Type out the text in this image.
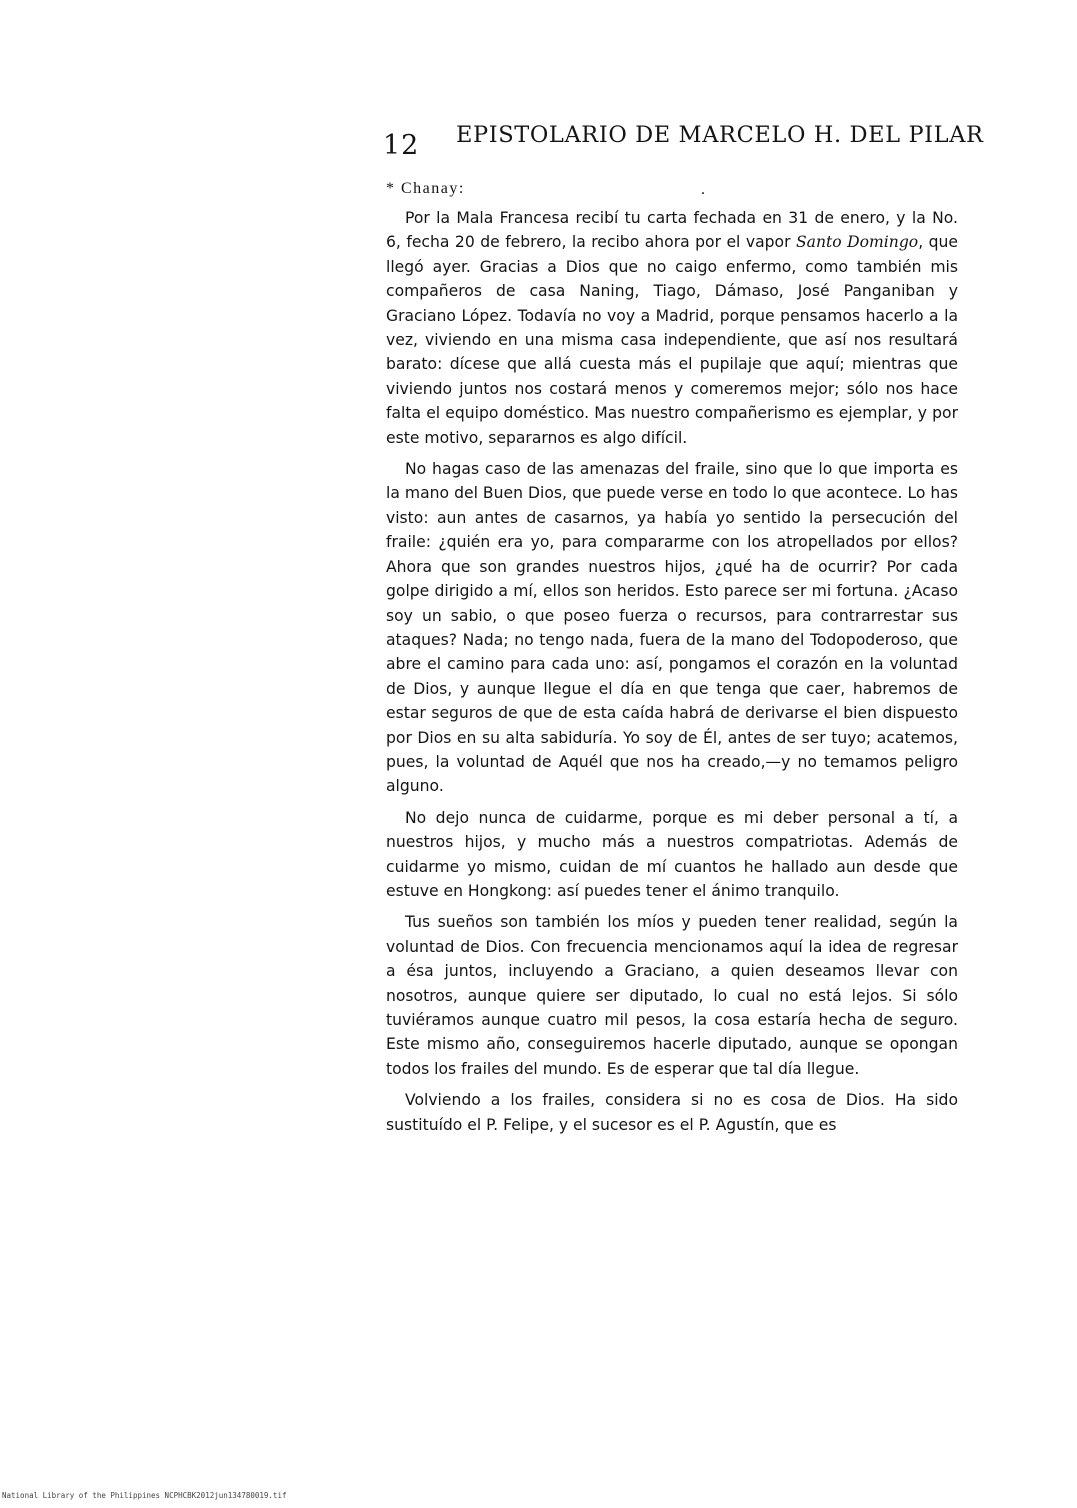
12 EPISTOLARIO DE MARCELO H. DEL PILAR
* Chanay:	.

Por la Mala Francesa recibí tu carta fechada en 31 de enero, y la No. 6, fecha 20 de febrero, la recibo ahora por el vapor Santo Domingo, que llegó ayer. Gracias a Dios que no caigo enfermo, como también mis compañeros de casa Naning, Tiago, Dámaso, José Panganiban y Graciano López. Todavía no voy a Madrid, porque pensamos hacerlo a la vez, viviendo en una misma casa independiente, que así nos resultará barato: dícese que allá cuesta más el pupilaje que aquí; mientras que viviendo juntos nos costará menos y comeremos mejor; sólo nos hace falta el equipo doméstico. Mas nuestro compañerismo es ejemplar, y por este motivo, separarnos es algo difícil.

No hagas caso de las amenazas del fraile, sino que lo que importa es la mano del Buen Dios, que puede verse en todo lo que acontece. Lo has visto: aun antes de casarnos, ya había yo sentido la persecución del fraile: ¿quién era yo, para compararme con los atropellados por ellos? Ahora que son grandes nuestros hijos, ¿qué ha de ocurrir? Por cada golpe dirigido a mí, ellos son heridos. Esto parece ser mi fortuna. ¿Acaso soy un sabio, o que poseo fuerza o recursos, para contrarrestar sus ataques? Nada; no tengo nada, fuera de la mano del Todopoderoso, que abre el camino para cada uno: así, pongamos el corazón en la voluntad de Dios, y aunque llegue el día en que tenga que caer, habremos de estar seguros de que de esta caída habrá de derivarse el bien dispuesto por Dios en su alta sabiduría. Yo soy de Él, antes de ser tuyo; acatemos, pues, la voluntad de Aquél que nos ha creado,—y no temamos peligro alguno.

No dejo nunca de cuidarme, porque es mi deber personal a tí, a nuestros hijos, y mucho más a nuestros compatriotas. Además de cuidarme yo mismo, cuidan de mí cuantos he hallado aun desde que estuve en Hongkong: así puedes tener el ánimo tranquilo.

Tus sueños son también los míos y pueden tener realidad, según la voluntad de Dios. Con frecuencia mencionamos aquí la idea de regresar a ésa juntos, incluyendo a Graciano, a quien deseamos llevar con nosotros, aunque quiere ser diputado, lo cual no está lejos. Si sólo tuviéramos aunque cuatro mil pesos, la cosa estaría hecha de seguro. Este mismo año, conseguiremos hacerle diputado, aunque se opongan todos los frailes del mundo. Es de esperar que tal día llegue.

Volviendo a los frailes, considera si no es cosa de Dios. Ha sido sustituído el P. Felipe, y el sucesor es el P. Agustín, que es

National Library of the Philippines NCPHCBK2012jun134780019.tif
